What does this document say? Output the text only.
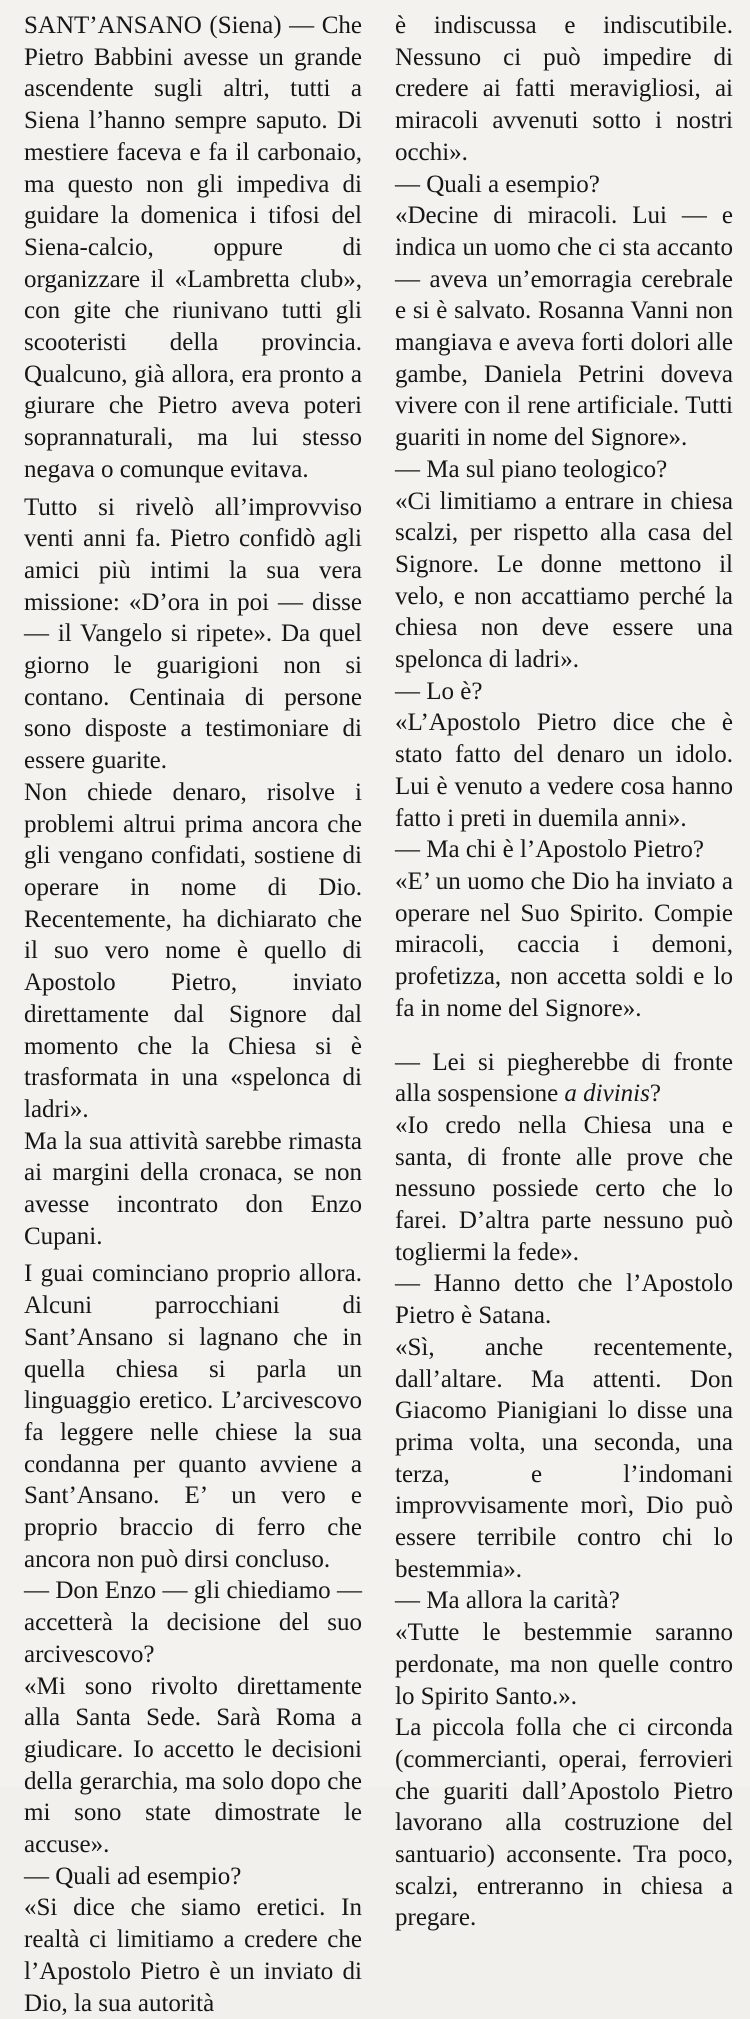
SANT’ANSANO (Siena) — Che Pietro Babbini avesse un grande ascendente sugli altri, tutti a Siena l’hanno sempre saputo. Di mestiere faceva e fa il carbonaio, ma questo non gli impediva di guidare la domenica i tifosi del Siena-calcio, oppure di organizzare il «Lambretta club», con gite che riunivano tutti gli scooteristi della provincia. Qualcuno, già allora, era pronto a giurare che Pietro aveva poteri soprannaturali, ma lui stesso negava o comunque evitava.

Tutto si rivelò all’improvviso venti anni fa. Pietro confidò agli amici più intimi la sua vera missione: «D’ora in poi — disse — il Vangelo si ripete». Da quel giorno le guarigioni non si contano. Centinaia di persone sono disposte a testimoniare di essere guarite.

Non chiede denaro, risolve i problemi altrui prima ancora che gli vengano confidati, sostiene di operare in nome di Dio. Recentemente, ha dichiarato che il suo vero nome è quello di Apostolo Pietro, inviato direttamente dal Signore dal momento che la Chiesa si è trasformata in una «spelonca di ladri».

Ma la sua attività sarebbe rimasta ai margini della cronaca, se non avesse incontrato don Enzo Cupani.

I guai cominciano proprio allora. Alcuni parrocchiani di Sant’Ansano si lagnano che in quella chiesa si parla un linguaggio eretico. L’arcivescovo fa leggere nelle chiese la sua condanna per quanto avviene a Sant’Ansano. E’ un vero e proprio braccio di ferro che ancora non può dirsi concluso.

— Don Enzo — gli chiediamo — accetterà la decisione del suo arcivescovo?

«Mi sono rivolto direttamente alla Santa Sede. Sarà Roma a giudicare. Io accetto le decisioni della gerarchia, ma solo dopo che mi sono state dimostrate le accuse».

— Quali ad esempio?

«Si dice che siamo eretici. In realtà ci limitiamo a credere che l’Apostolo Pietro è un inviato di Dio, la sua autorità

è indiscussa e indiscutibile. Nessuno ci può impedire di credere ai fatti meravigliosi, ai miracoli avvenuti sotto i nostri occhi».

— Quali a esempio?

«Decine di miracoli. Lui — e indica un uomo che ci sta accanto — aveva un’emorragia cerebrale e si è salvato. Rosanna Vanni non mangiava e aveva forti dolori alle gambe, Daniela Petrini doveva vivere con il rene artificiale. Tutti guariti in nome del Signore».

— Ma sul piano teologico?

«Ci limitiamo a entrare in chiesa scalzi, per rispetto alla casa del Signore. Le donne mettono il velo, e non accattiamo perché la chiesa non deve essere una spelonca di ladri».

— Lo è?

«L’Apostolo Pietro dice che è stato fatto del denaro un idolo. Lui è venuto a vedere cosa hanno fatto i preti in duemila anni».

— Ma chi è l’Apostolo Pietro?

«E’ un uomo che Dio ha inviato a operare nel Suo Spirito. Compie miracoli, caccia i demoni, profetizza, non accetta soldi e lo fa in nome del Signore».

— Lei si piegherebbe di fronte alla sospensione a divinis?

«Io credo nella Chiesa una e santa, di fronte alle prove che nessuno possiede certo che lo farei. D’altra parte nessuno può togliermi la fede».

— Hanno detto che l’Apostolo Pietro è Satana.

«Sì, anche recentemente, dall’altare. Ma attenti. Don Giacomo Pianigiani lo disse una prima volta, una seconda, una terza, e l’indomani improvvisamente morì, Dio può essere terribile contro chi lo bestemmia».

— Ma allora la carità?

«Tutte le bestemmie saranno perdonate, ma non quelle contro lo Spirito Santo.».

La piccola folla che ci circonda (commercianti, operai, ferrovieri che guariti dall’Apostolo Pietro lavorano alla costruzione del santuario) acconsente. Tra poco, scalzi, entreranno in chiesa a pregare.
